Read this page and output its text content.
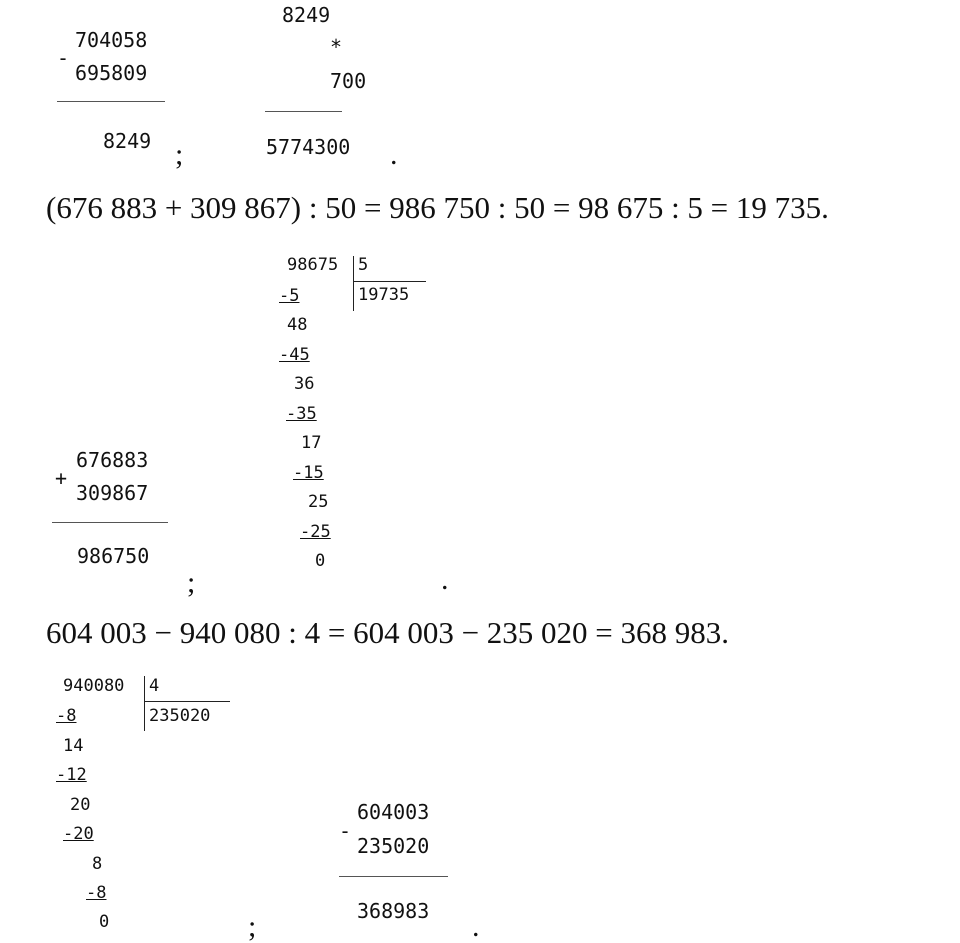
-
704058
695809
8249 ;
8249
*
700
5774300 .
(676 883 + 309 867) : 50 = 986 750 : 50 = 98 675 : 5 = 19 735.
+
676883
309867
986750
;
98675 5
19735
-5
48
-45
36
-35
17
-15
25
-25
0
.
604 003 − 940 080 : 4 = 604 003 − 235 020 = 368 983.
940080 4
235020
-8
14
-12
20
-20
8
-8
0	;
-
604003
235020
368983 .
